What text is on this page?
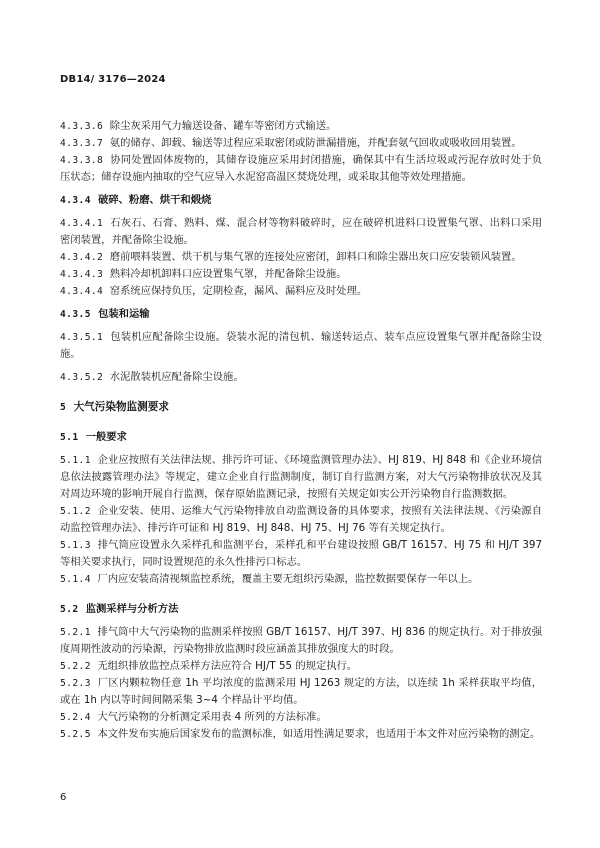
DB14/ 3176—2024

4.3.3.6 除尘灰采用气力输送设备、罐车等密闭方式输送。

4.3.3.7 氨的储存、卸载、输送等过程应采取密闭或防泄漏措施，并配套氨气回收或吸收回用装置。

4.3.3.8 协同处置固体废物的，其储存设施应采用封闭措施，确保其中有生活垃圾或污泥存放时处于负压状态；储存设施内抽取的空气应导入水泥窑高温区焚烧处理，或采取其他等效处理措施。

4.3.4 破碎、粉磨、烘干和煅烧

4.3.4.1 石灰石、石膏、熟料、煤、混合材等物料破碎时，应在破碎机进料口设置集气罩、出料口采用密闭装置，并配备除尘设施。

4.3.4.2 磨前喂料装置、烘干机与集气罩的连接处应密闭，卸料口和除尘器出灰口应安装锁风装置。

4.3.4.3 熟料冷却机卸料口应设置集气罩，并配备除尘设施。

4.3.4.4 窑系统应保持负压，定期检查，漏风、漏料应及时处理。

4.3.5 包装和运输

4.3.5.1 包装机应配备除尘设施。袋装水泥的清包机、输送转运点、装车点应设置集气罩并配备除尘设施。

4.3.5.2 水泥散装机应配备除尘设施。

5 大气污染物监测要求

5.1 一般要求

5.1.1 企业应按照有关法律法规、排污许可证、《环境监测管理办法》、HJ 819、HJ 848 和《企业环境信息依法披露管理办法》等规定，建立企业自行监测制度，制订自行监测方案，对大气污染物排放状况及其对周边环境的影响开展自行监测，保存原始监测记录，按照有关规定如实公开污染物自行监测数据。

5.1.2 企业安装、使用、运维大气污染物排放自动监测设备的具体要求，按照有关法律法规、《污染源自动监控管理办法》、排污许可证和 HJ 819、HJ 848、HJ 75、HJ 76 等有关规定执行。

5.1.3 排气筒应设置永久采样孔和监测平台，采样孔和平台建设按照 GB/T 16157、HJ 75 和 HJ/T 397 等相关要求执行，同时设置规范的永久性排污口标志。

5.1.4 厂内应安装高清视频监控系统，覆盖主要无组织污染源，监控数据要保存一年以上。

5.2 监测采样与分析方法

5.2.1 排气筒中大气污染物的监测采样按照 GB/T 16157、HJ/T 397、HJ 836 的规定执行。对于排放强度周期性波动的污染源，污染物排放监测时段应涵盖其排放强度大的时段。

5.2.2 无组织排放监控点采样方法应符合 HJ/T 55 的规定执行。

5.2.3 厂区内颗粒物任意 1h 平均浓度的监测采用 HJ 1263 规定的方法，以连续 1h 采样获取平均值，或在 1h 内以等时间间隔采集 3~4 个样品计平均值。

5.2.4 大气污染物的分析测定采用表 4 所列的方法标准。

5.2.5 本文件发布实施后国家发布的监测标准，如适用性满足要求，也适用于本文件对应污染物的测定。

6
